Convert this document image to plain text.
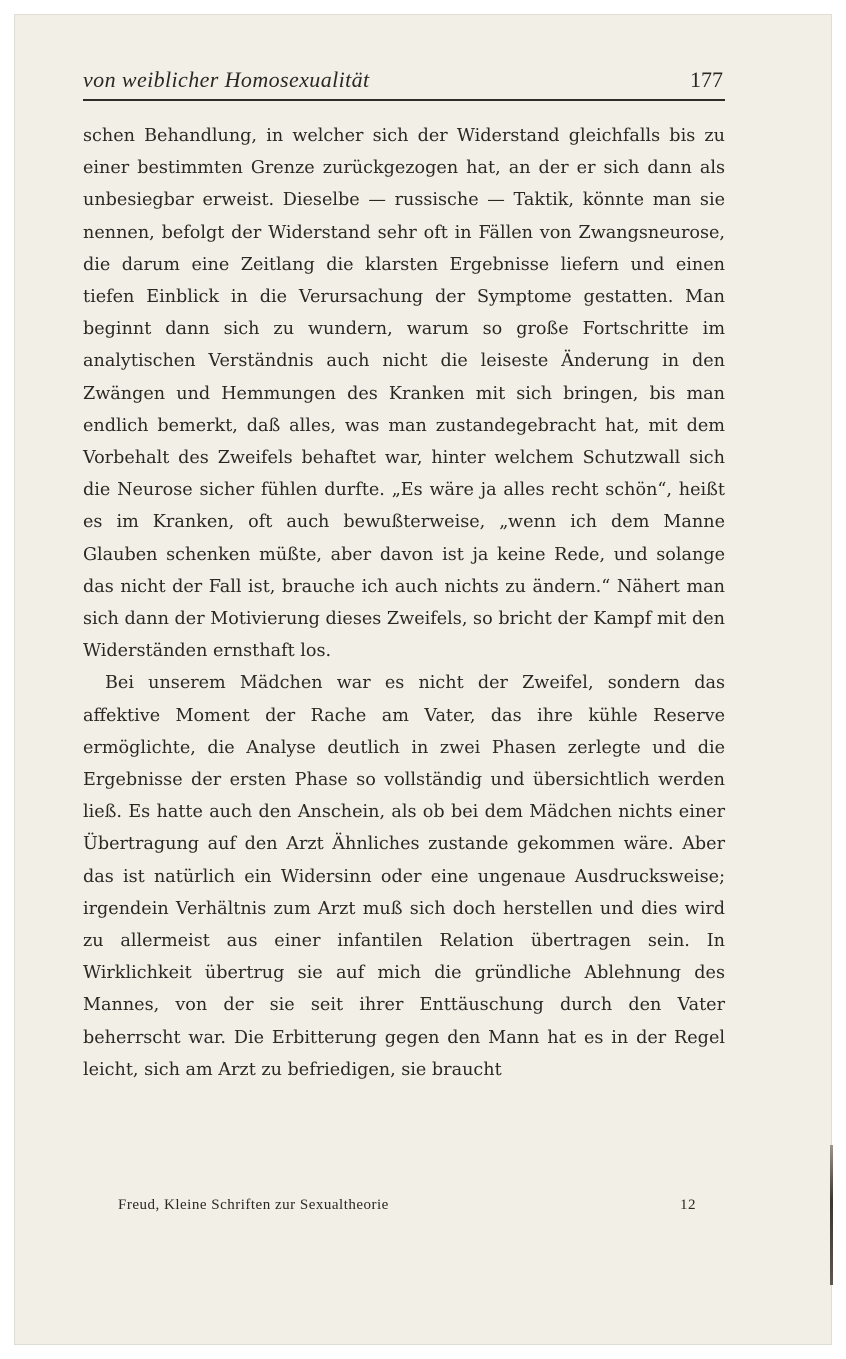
von weiblicher Homosexualität	177

schen Behandlung, in welcher sich der Widerstand gleichfalls bis zu einer bestimmten Grenze zurückgezogen hat, an der er sich dann als unbesiegbar erweist. Dieselbe — russische — Taktik, könnte man sie nennen, befolgt der Widerstand sehr oft in Fällen von Zwangsneurose, die darum eine Zeitlang die klarsten Ergebnisse liefern und einen tiefen Einblick in die Verursachung der Symptome gestatten. Man beginnt dann sich zu wundern, warum so große Fortschritte im analytischen Verständnis auch nicht die leiseste Änderung in den Zwängen und Hemmungen des Kranken mit sich bringen, bis man endlich bemerkt, daß alles, was man zustandegebracht hat, mit dem Vorbehalt des Zweifels behaftet war, hinter welchem Schutzwall sich die Neurose sicher fühlen durfte. „Es wäre ja alles recht schön“, heißt es im Kranken, oft auch bewußterweise, „wenn ich dem Manne Glauben schenken müßte, aber davon ist ja keine Rede, und solange das nicht der Fall ist, brauche ich auch nichts zu ändern.“ Nähert man sich dann der Motivierung dieses Zweifels, so bricht der Kampf mit den Widerständen ernsthaft los.

Bei unserem Mädchen war es nicht der Zweifel, sondern das affektive Moment der Rache am Vater, das ihre kühle Reserve ermöglichte, die Analyse deutlich in zwei Phasen zerlegte und die Ergebnisse der ersten Phase so vollständig und übersichtlich werden ließ. Es hatte auch den Anschein, als ob bei dem Mädchen nichts einer Übertragung auf den Arzt Ähnliches zustande gekommen wäre. Aber das ist natürlich ein Widersinn oder eine ungenaue Ausdrucksweise; irgendein Verhältnis zum Arzt muß sich doch herstellen und dies wird zu allermeist aus einer infantilen Relation übertragen sein. In Wirklichkeit übertrug sie auf mich die gründliche Ablehnung des Mannes, von der sie seit ihrer Enttäuschung durch den Vater beherrscht war. Die Erbitterung gegen den Mann hat es in der Regel leicht, sich am Arzt zu befriedigen, sie braucht

Freud, Kleine Schriften zur Sexualtheorie	12
